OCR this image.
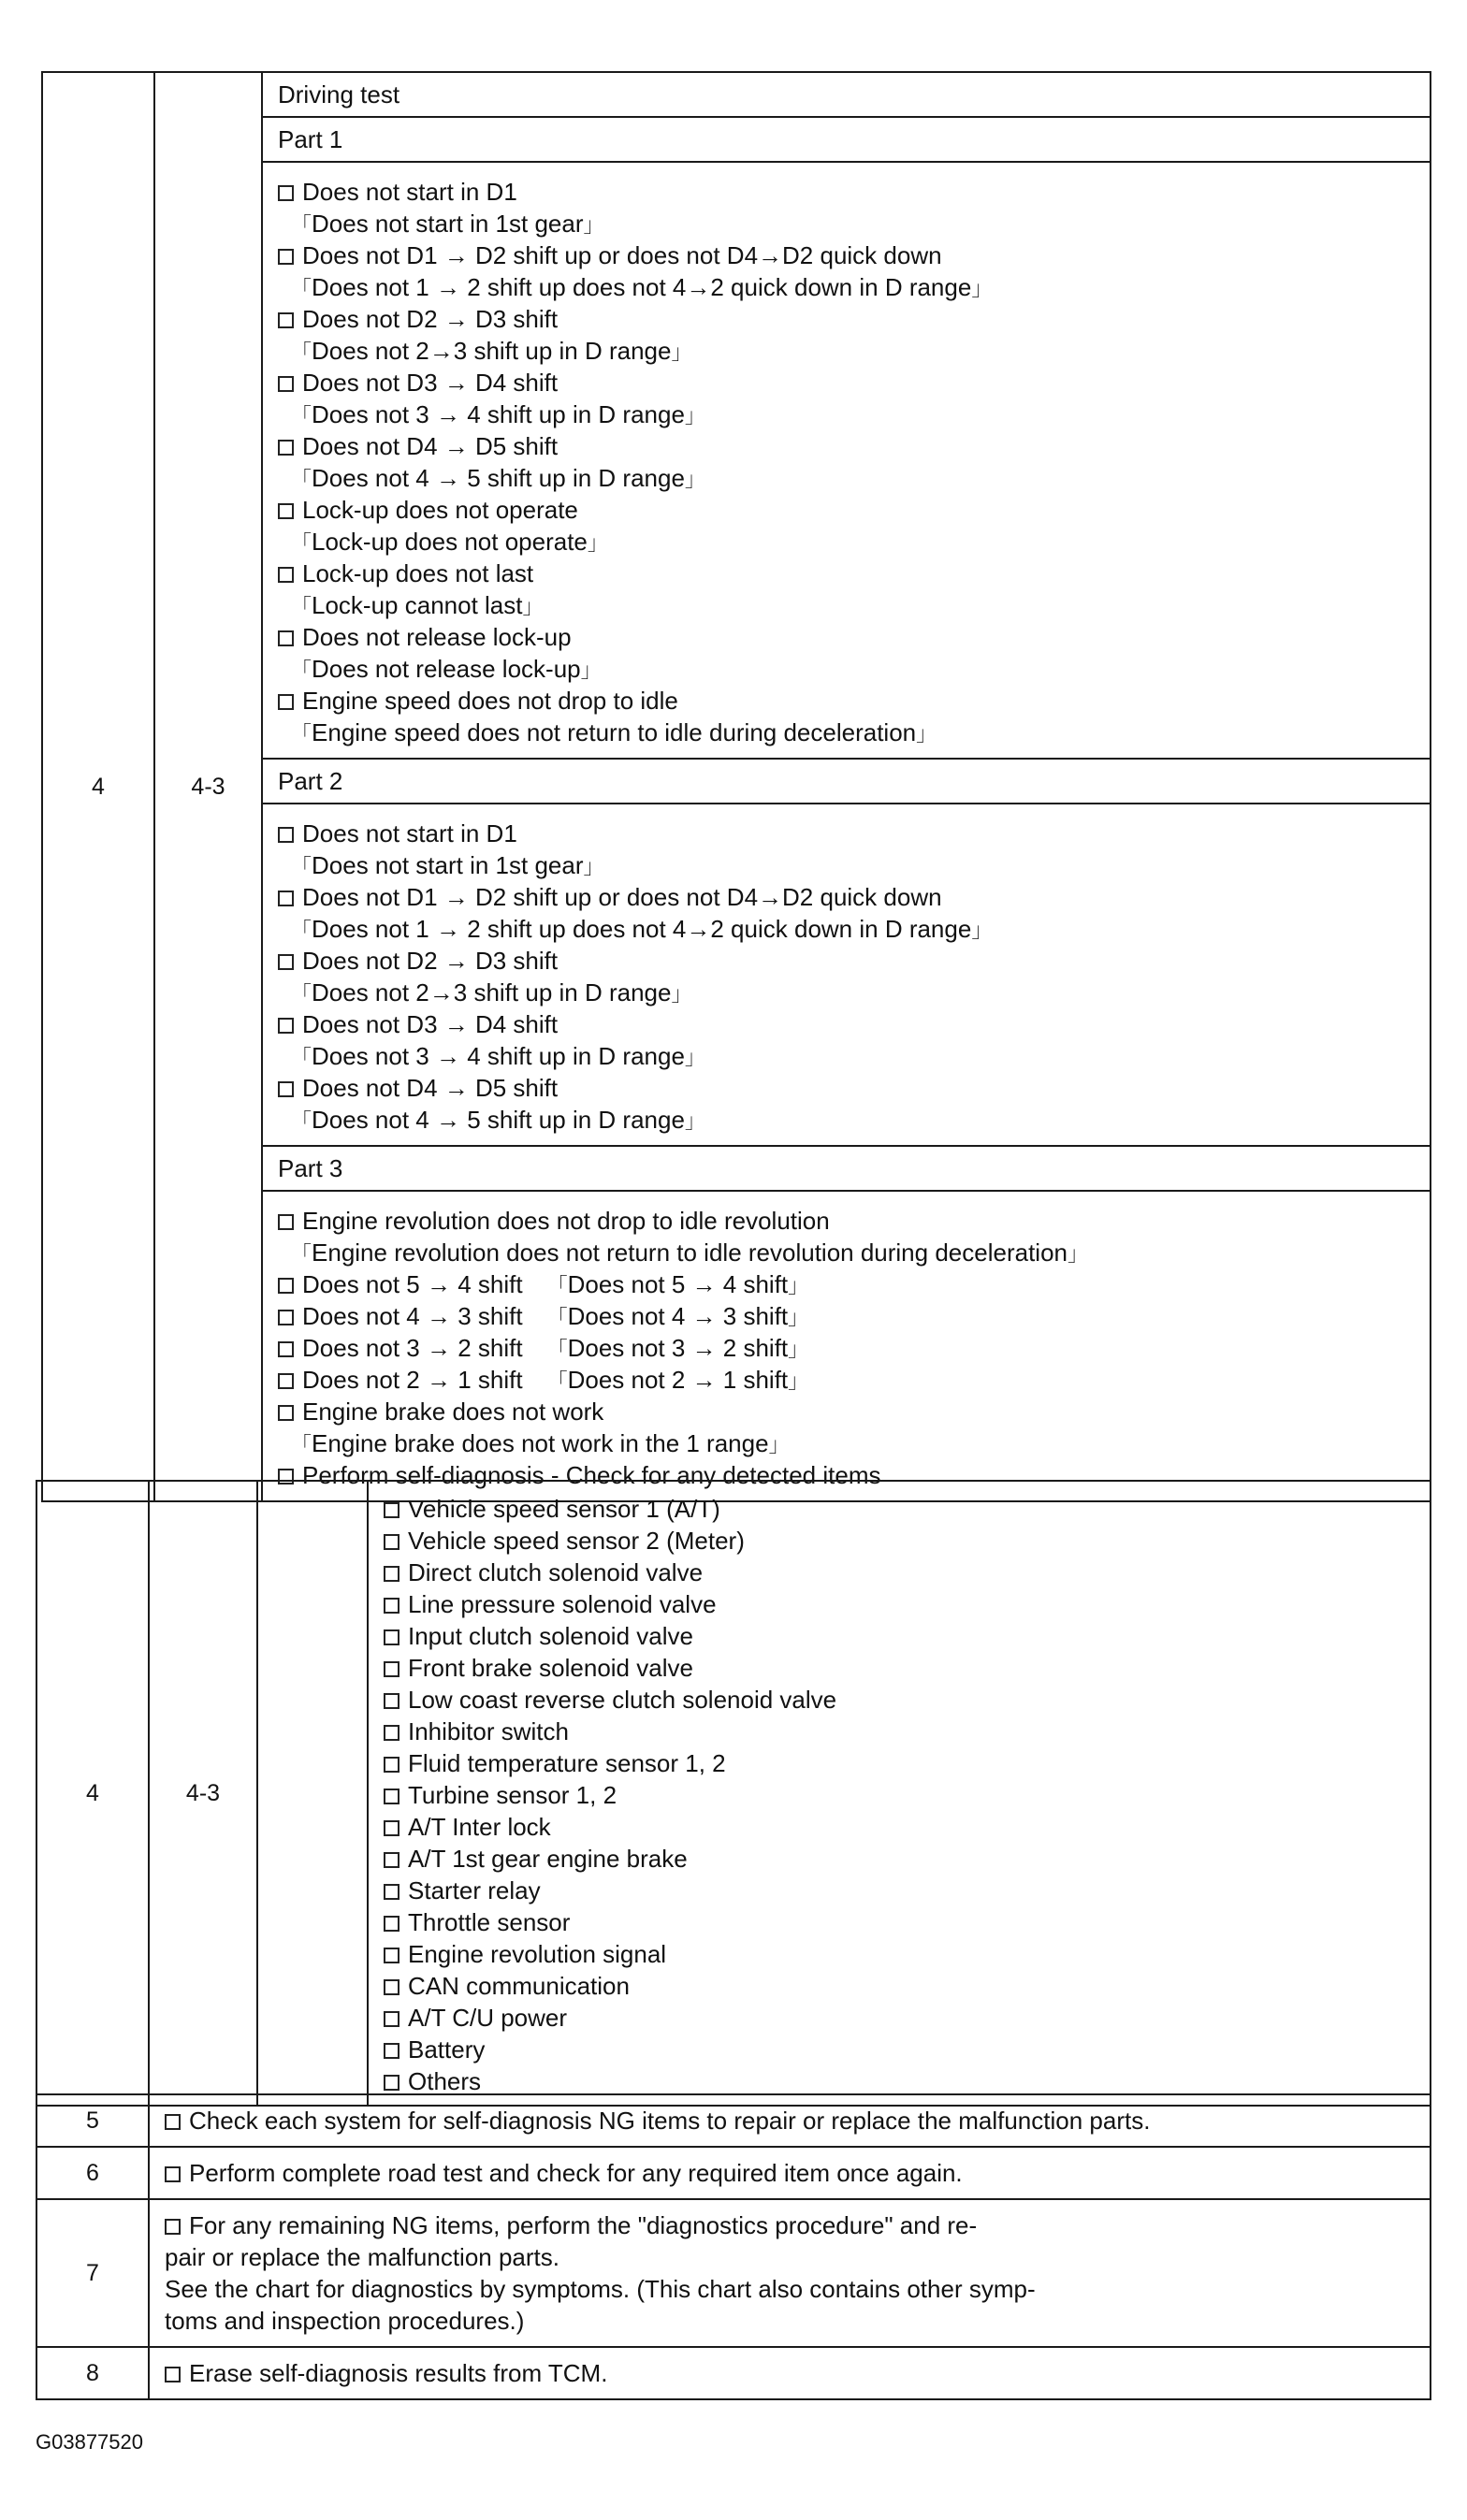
4	4-3	Driving test
Part 1

Does not start in D1
「Does not start in 1st gear」
Does not D1 → D2 shift up or does not D4→D2 quick down
「Does not 1 → 2 shift up does not 4→2 quick down in D range」
Does not D2 → D3 shift
「Does not 2→3 shift up in D range」
Does not D3 → D4 shift
「Does not 3 → 4 shift up in D range」
Does not D4 → D5 shift
「Does not 4 → 5 shift up in D range」
Lock-up does not operate
「Lock-up does not operate」
Lock-up does not last
「Lock-up cannot last」
Does not release lock-up
「Does not release lock-up」
Engine speed does not drop to idle
「Engine speed does not return to idle during deceleration」

Part 2

Does not start in D1
「Does not start in 1st gear」
Does not D1 → D2 shift up or does not D4→D2 quick down
「Does not 1 → 2 shift up does not 4→2 quick down in D range」
Does not D2 → D3 shift
「Does not 2→3 shift up in D range」
Does not D3 → D4 shift
「Does not 3 → 4 shift up in D range」
Does not D4 → D5 shift
「Does not 4 → 5 shift up in D range」

Part 3

Engine revolution does not drop to idle revolution
「Engine revolution does not return to idle revolution during deceleration」
Does not 5 → 4 shift 「Does not 5 → 4 shift」
Does not 4 → 3 shift 「Does not 4 → 3 shift」
Does not 3 → 2 shift 「Does not 3 → 2 shift」
Does not 2 → 1 shift 「Does not 2 → 1 shift」
Engine brake does not work
「Engine brake does not work in the 1 range」
Perform self-diagnosis - Check for any detected items
4	4-3		
Vehicle speed sensor 1 (A/T)
Vehicle speed sensor 2 (Meter)
Direct clutch solenoid valve
Line pressure solenoid valve
Input clutch solenoid valve
Front brake solenoid valve
Low coast reverse clutch solenoid valve
Inhibitor switch
Fluid temperature sensor 1, 2
Turbine sensor 1, 2
A/T Inter lock
A/T 1st gear engine brake
Starter relay
Throttle sensor
Engine revolution signal
CAN communication
A/T C/U power
Battery
Others
5	Check each system for self-diagnosis NG items to repair or replace the malfunction parts.

6	Perform complete road test and check for any required item once again.

7	For any remaining NG items, perform the "diagnostics procedure" and re-
pair or replace the malfunction parts.
See the chart for diagnostics by symptoms. (This chart also contains other symp-
toms and inspection procedures.)

8	Erase self-diagnosis results from TCM.
G03877520
